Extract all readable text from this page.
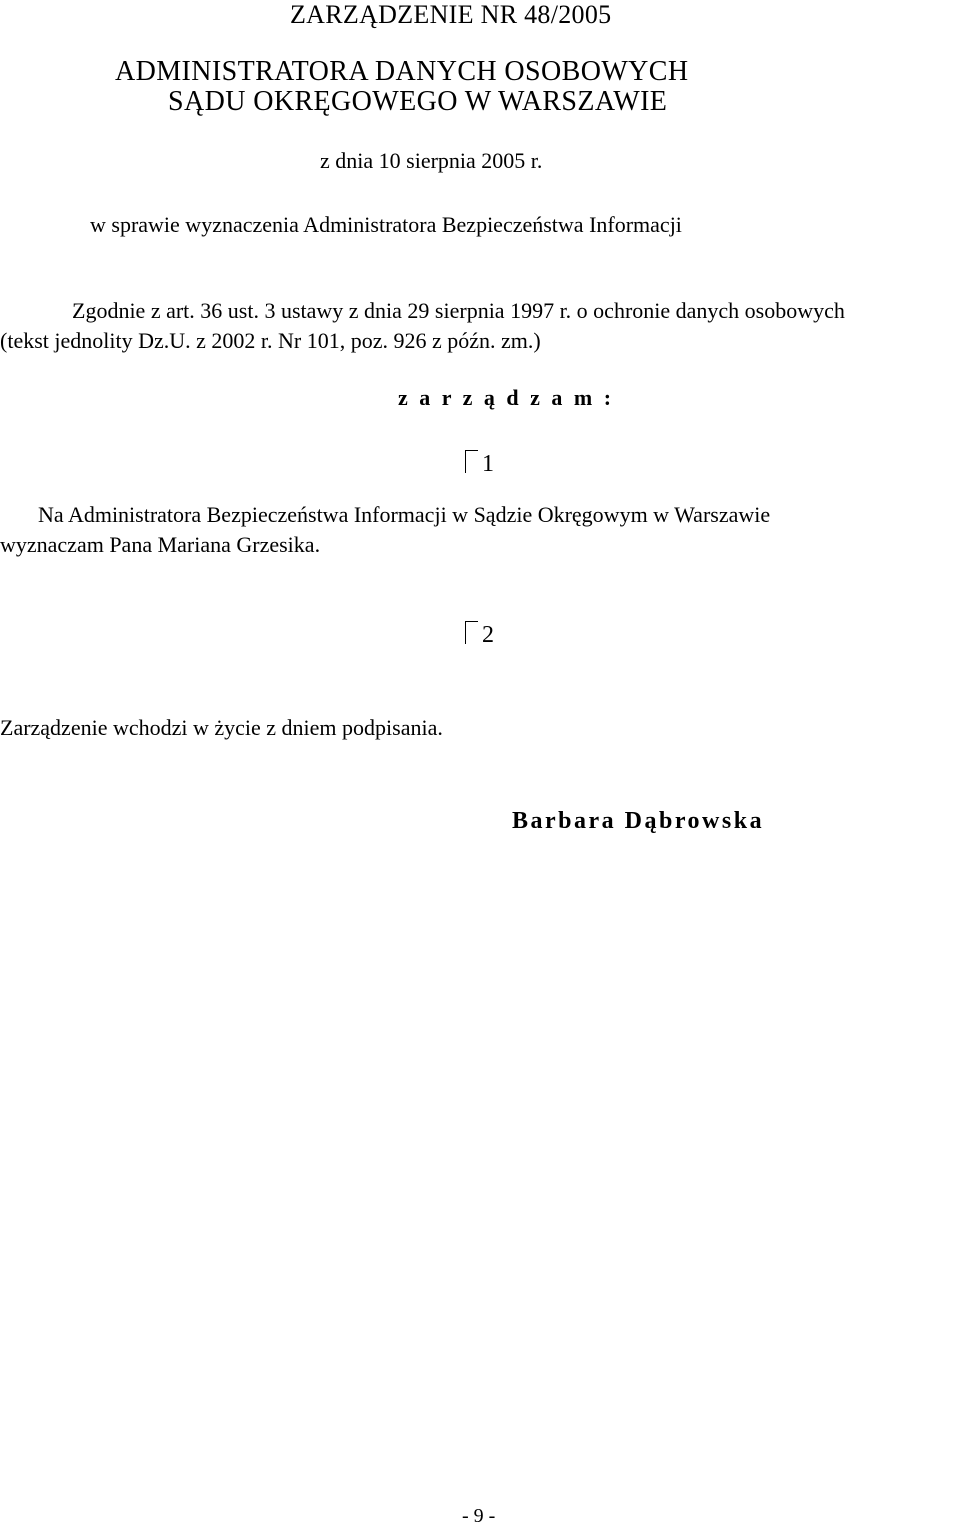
ZARZĄDZENIE NR 48/2005

ADMINISTRATORA DANYCH OSOBOWYCH

SĄDU OKRĘGOWEGO W WARSZAWIE

z dnia 10 sierpnia 2005 r.

w sprawie wyznaczenia Administratora Bezpieczeństwa Informacji

Zgodnie z art. 36 ust. 3 ustawy z dnia 29 sierpnia 1997 r. o ochronie danych osobowych

(tekst jednolity Dz.U. z 2002 r. Nr 101, poz. 926 z późn. zm.)

z a r z ą d z a m :

1

Na Administratora Bezpieczeństwa Informacji w Sądzie Okręgowym w Warszawie

wyznaczam Pana Mariana Grzesika.

2

Zarządzenie wchodzi w życie z dniem podpisania.

Barbara Dąbrowska

- 9 -
